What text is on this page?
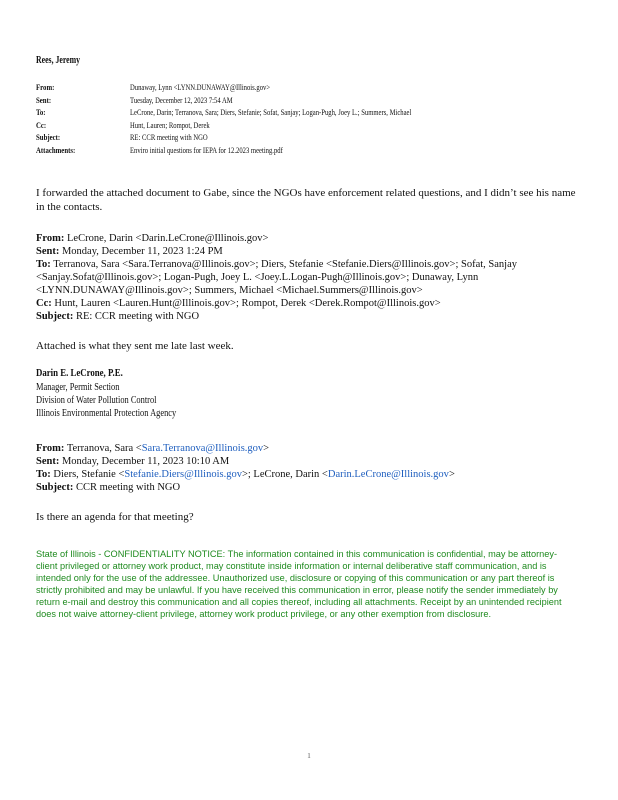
Rees, Jeremy
From:	Dunaway, Lynn <LYNN.DUNAWAY@Illinois.gov>
Sent:	Tuesday, December 12, 2023 7:54 AM
To:	LeCrone, Darin; Terranova, Sara; Diers, Stefanie; Sofat, Sanjay; Logan-Pugh, Joey L.; Summers, Michael
Cc:	Hunt, Lauren; Rompot, Derek
Subject:	RE: CCR meeting with NGO
Attachments:	Enviro initial questions for IEPA for 12.2023 meeting.pdf
I forwarded the attached document to Gabe, since the NGOs have enforcement related questions, and I didn’t see his name in the contacts.
From: LeCrone, Darin <Darin.LeCrone@Illinois.gov>
Sent: Monday, December 11, 2023 1:24 PM
To: Terranova, Sara <Sara.Terranova@Illinois.gov>; Diers, Stefanie <Stefanie.Diers@Illinois.gov>; Sofat, Sanjay <Sanjay.Sofat@Illinois.gov>; Logan-Pugh, Joey L. <Joey.L.Logan-Pugh@Illinois.gov>; Dunaway, Lynn <LYNN.DUNAWAY@Illinois.gov>; Summers, Michael <Michael.Summers@Illinois.gov>
Cc: Hunt, Lauren <Lauren.Hunt@Illinois.gov>; Rompot, Derek <Derek.Rompot@Illinois.gov>
Subject: RE: CCR meeting with NGO
Attached is what they sent me late last week.
Darin E. LeCrone, P.E.
Manager, Permit Section
Division of Water Pollution Control
Illinois Environmental Protection Agency
From: Terranova, Sara <Sara.Terranova@Illinois.gov>
Sent: Monday, December 11, 2023 10:10 AM
To: Diers, Stefanie <Stefanie.Diers@Illinois.gov>; LeCrone, Darin <Darin.LeCrone@Illinois.gov>
Subject: CCR meeting with NGO
Is there an agenda for that meeting?
State of Illinois - CONFIDENTIALITY NOTICE: The information contained in this communication is confidential, may be attorney-client privileged or attorney work product, may constitute inside information or internal deliberative staff communication, and is intended only for the use of the addressee. Unauthorized use, disclosure or copying of this communication or any part thereof is strictly prohibited and may be unlawful. If you have received this communication in error, please notify the sender immediately by return e-mail and destroy this communication and all copies thereof, including all attachments. Receipt by an unintended recipient does not waive attorney-client privilege, attorney work product privilege, or any other exemption from disclosure.
1
